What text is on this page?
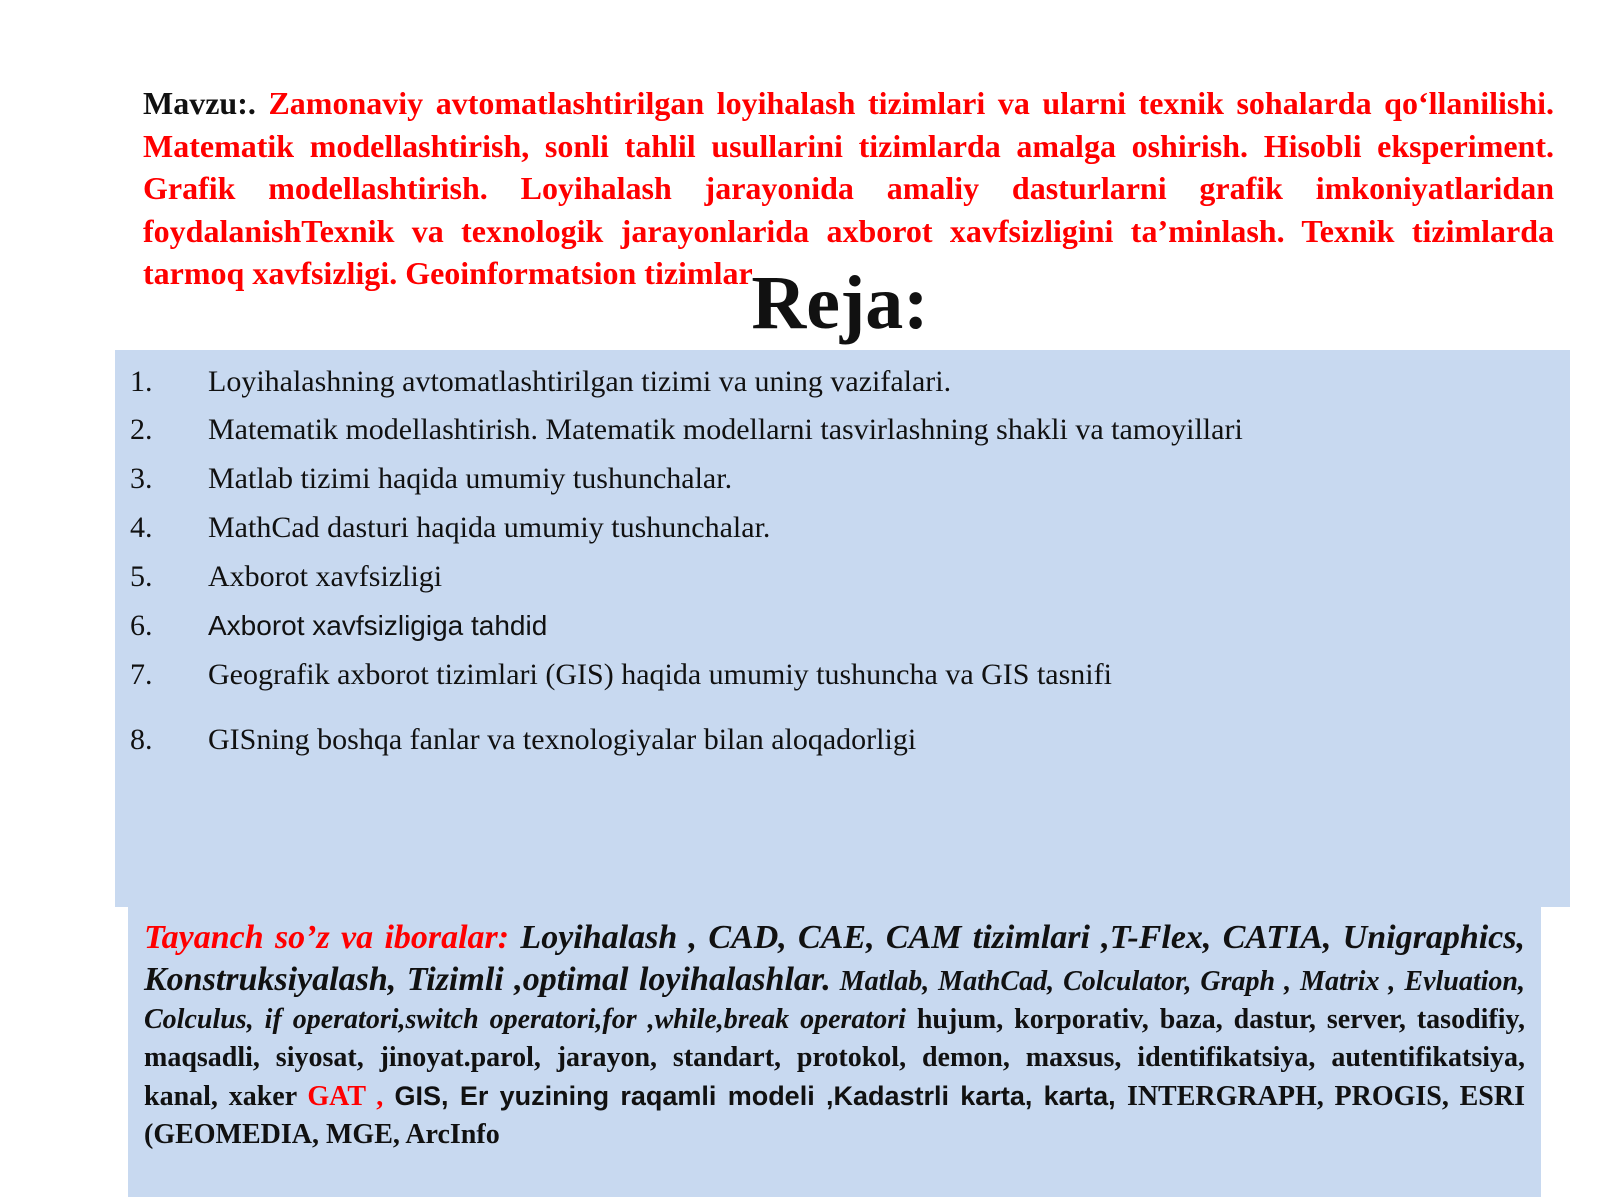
Mavzu:. Zamonaviy avtomatlashtirilgan loyihalash tizimlari va ularni texnik sohalarda qo‘llanilishi. Matematik modellashtirish, sonli tahlil usullarini tizimlarda amalga oshirish. Hisobli eksperiment. Grafik modellashtirish. Loyihalash jarayonida amaliy dasturlarni grafik imkoniyatlaridan foydalanishTexnik va texnologik jarayonlarida axborot xavfsizligini ta’minlash. Texnik tizimlarda tarmoq xavfsizligi. Geoinformatsion tizimlar

1. Loyihalashning avtomatlashtirilgan tizimi va uning vazifalari.
2. Matematik modellashtirish. Matematik modellarni tasvirlashning shakli va tamoyillari
3. Matlab tizimi haqida umumiy tushunchalar.
4. MathCad dasturi haqida umumiy tushunchalar.
5. Axborot xavfsizligi
6. Axborot xavfsizligiga tahdid
7. Geografik axborot tizimlari (GIS) haqida umumiy tushuncha va GIS tasnifi
8. GISning boshqa fanlar va texnologiyalar bilan aloqadorligi
Reja:

Tayanch so’z va iboralar: Loyihalash , CAD, CAE, CAM tizimlari ,T-Flex, CATIA, Unigraphics, Konstruksiyalash, Tizimli ,optimal loyihalashlar. Matlab, MathCad, Colculator, Graph , Matrix , Evluation, Colculus, if operatori,switch operatori,for ,while,break operatori hujum, korporativ, baza, dastur, server, tasodifiy, maqsadli, siyosat, jinoyat.parol, jarayon, standart, protokol, demon, maxsus, identifikatsiya, autentifikatsiya, kanal, xaker GAT , GIS, Er yuzining raqamli modeli ,Kadastrli karta, karta, INTERGRAPH, PROGIS, ESRI (GEOMEDIA, MGE, ArcInfo
